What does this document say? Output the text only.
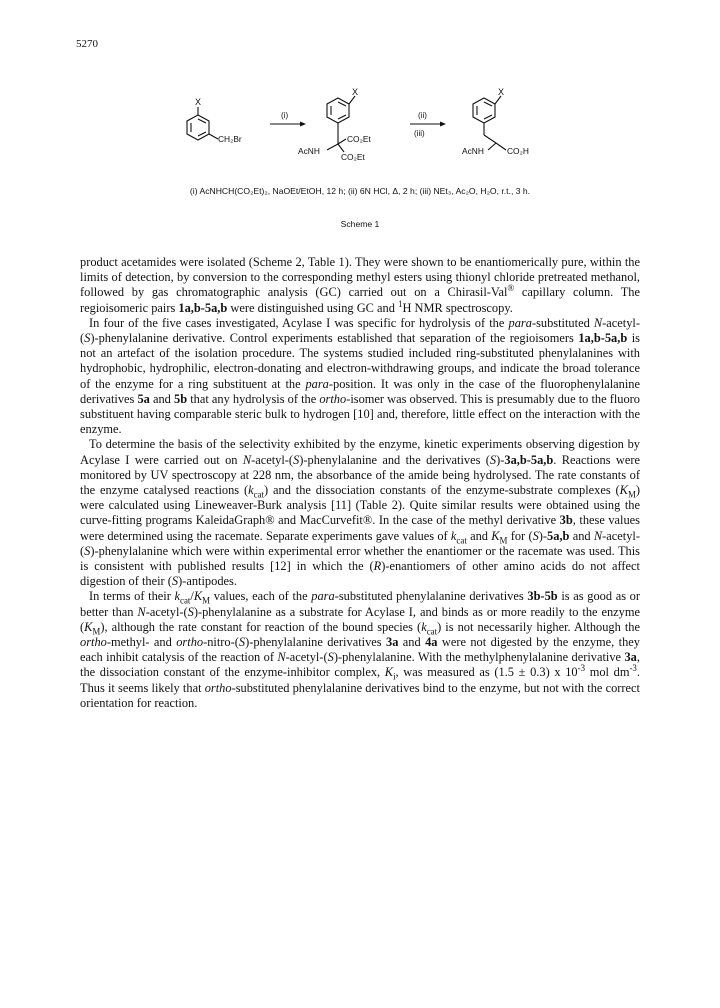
5270
X
CH₂Br
(i)
X
AcNH
CO₂Et
CO₂Et
(ii)
(iii)
X
AcNH	CO₂H
(i) AcNHCH(CO₂Et)₂, NaOEt/EtOH, 12 h; (ii) 6N HCl, Δ, 2 h; (iii) NEt₃, Ac₂O, H₂O, r.t., 3 h.
Scheme 1

product acetamides were isolated (Scheme 2, Table 1). They were shown to be enantiomerically pure, within the limits of detection, by conversion to the corresponding methyl esters using thionyl chloride pretreated methanol, followed by gas chromatographic analysis (GC) carried out on a Chirasil-Val® capillary column. The regioisomeric pairs 1a,b-5a,b were distinguished using GC and $^1$H NMR spectroscopy.

In four of the five cases investigated, Acylase I was specific for hydrolysis of the para-substituted N-acetyl-(S)-phenylalanine derivative. Control experiments established that separation of the regioisomers 1a,b-5a,b is not an artefact of the isolation procedure. The systems studied included ring-substituted phenylalanines with hydrophobic, hydrophilic, electron-donating and electron-withdrawing groups, and indicate the broad tolerance of the enzyme for a ring substituent at the para-position. It was only in the case of the fluorophenylalanine derivatives 5a and 5b that any hydrolysis of the ortho-isomer was observed. This is presumably due to the fluoro substituent having comparable steric bulk to hydrogen [10] and, therefore, little effect on the interaction with the enzyme.

To determine the basis of the selectivity exhibited by the enzyme, kinetic experiments observing digestion by Acylase I were carried out on N-acetyl-(S)-phenylalanine and the derivatives (S)-3a,b-5a,b. Reactions were monitored by UV spectroscopy at 228 nm, the absorbance of the amide being hydrolysed. The rate constants of the enzyme catalysed reactions $(k_{cat})$ and the dissociation constants of the enzyme-substrate complexes $(K_M)$ were calculated using Lineweaver-Burk analysis [11] (Table 2). Quite similar results were obtained using the curve-fitting programs KaleidaGraph® and MacCurvefit®. In the case of the methyl derivative 3b, these values were determined using the racemate. Separate experiments gave values of $k_{cat}$ and $K_M$ for (S)-5a,b and N-acetyl-(S)-phenylalanine which were within experimental error whether the enantiomer or the racemate was used. This is consistent with published results [12] in which the (R)-enantiomers of other amino acids do not affect digestion of their (S)-antipodes.

In terms of their $k_{cat}/K_M$ values, each of the para-substituted phenylalanine derivatives 3b-5b is as good as or better than N-acetyl-(S)-phenylalanine as a substrate for Acylase I, and binds as or more readily to the enzyme $(K_M)$, although the rate constant for reaction of the bound species $(k_{cat})$ is not necessarily higher. Although the ortho-methyl- and ortho-nitro-(S)-phenylalanine derivatives 3a and 4a were not digested by the enzyme, they each inhibit catalysis of the reaction of N-acetyl-(S)-phenylalanine. With the methylphenylalanine derivative 3a, the dissociation constant of the enzyme-inhibitor complex, $K_i$, was measured as (1.5 ± 0.3) x $10^{-3}$ mol $dm^{-3}$. Thus it seems likely that ortho-substituted phenylalanine derivatives bind to the enzyme, but not with the correct orientation for reaction.
